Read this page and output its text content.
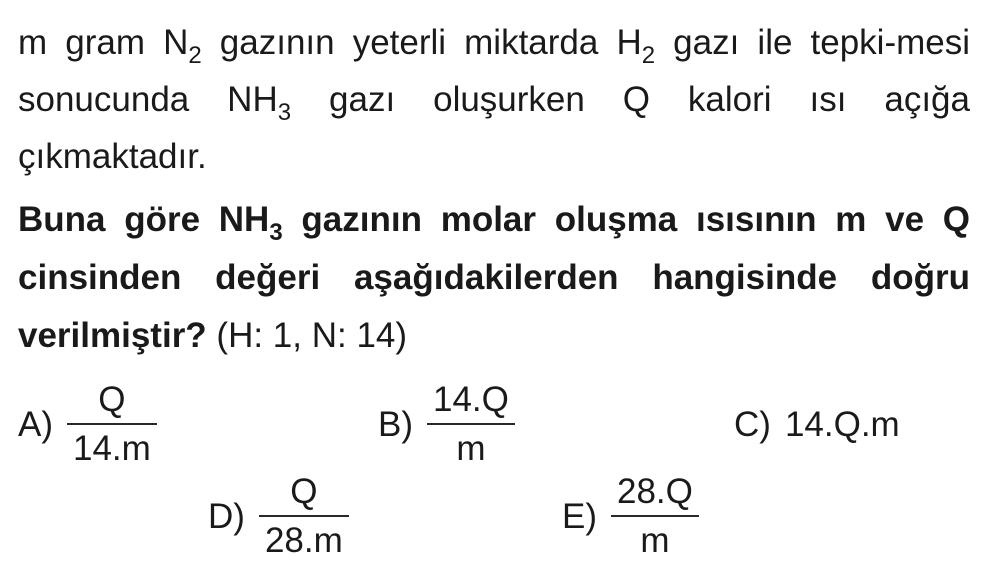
m gram $N_2$ gazının yeterli miktarda $H_2$ gazı ile tepki-mesi sonucunda $NH_3$ gazı oluşurken Q kalori ısı açığa çıkmaktadır.
Buna göre $NH_3$ gazının molar oluşma ısısının m ve Q cinsinden değeri aşağıdakilerden hangisinde doğru verilmiştir? (H: 1, N: 14)
$A) \frac{Q}{14.m}$	$B) \frac{14.Q}{m}$	C) 14.Q.m
$D) \frac{Q}{28.m}$	$E) \frac{28.Q}{m}$
